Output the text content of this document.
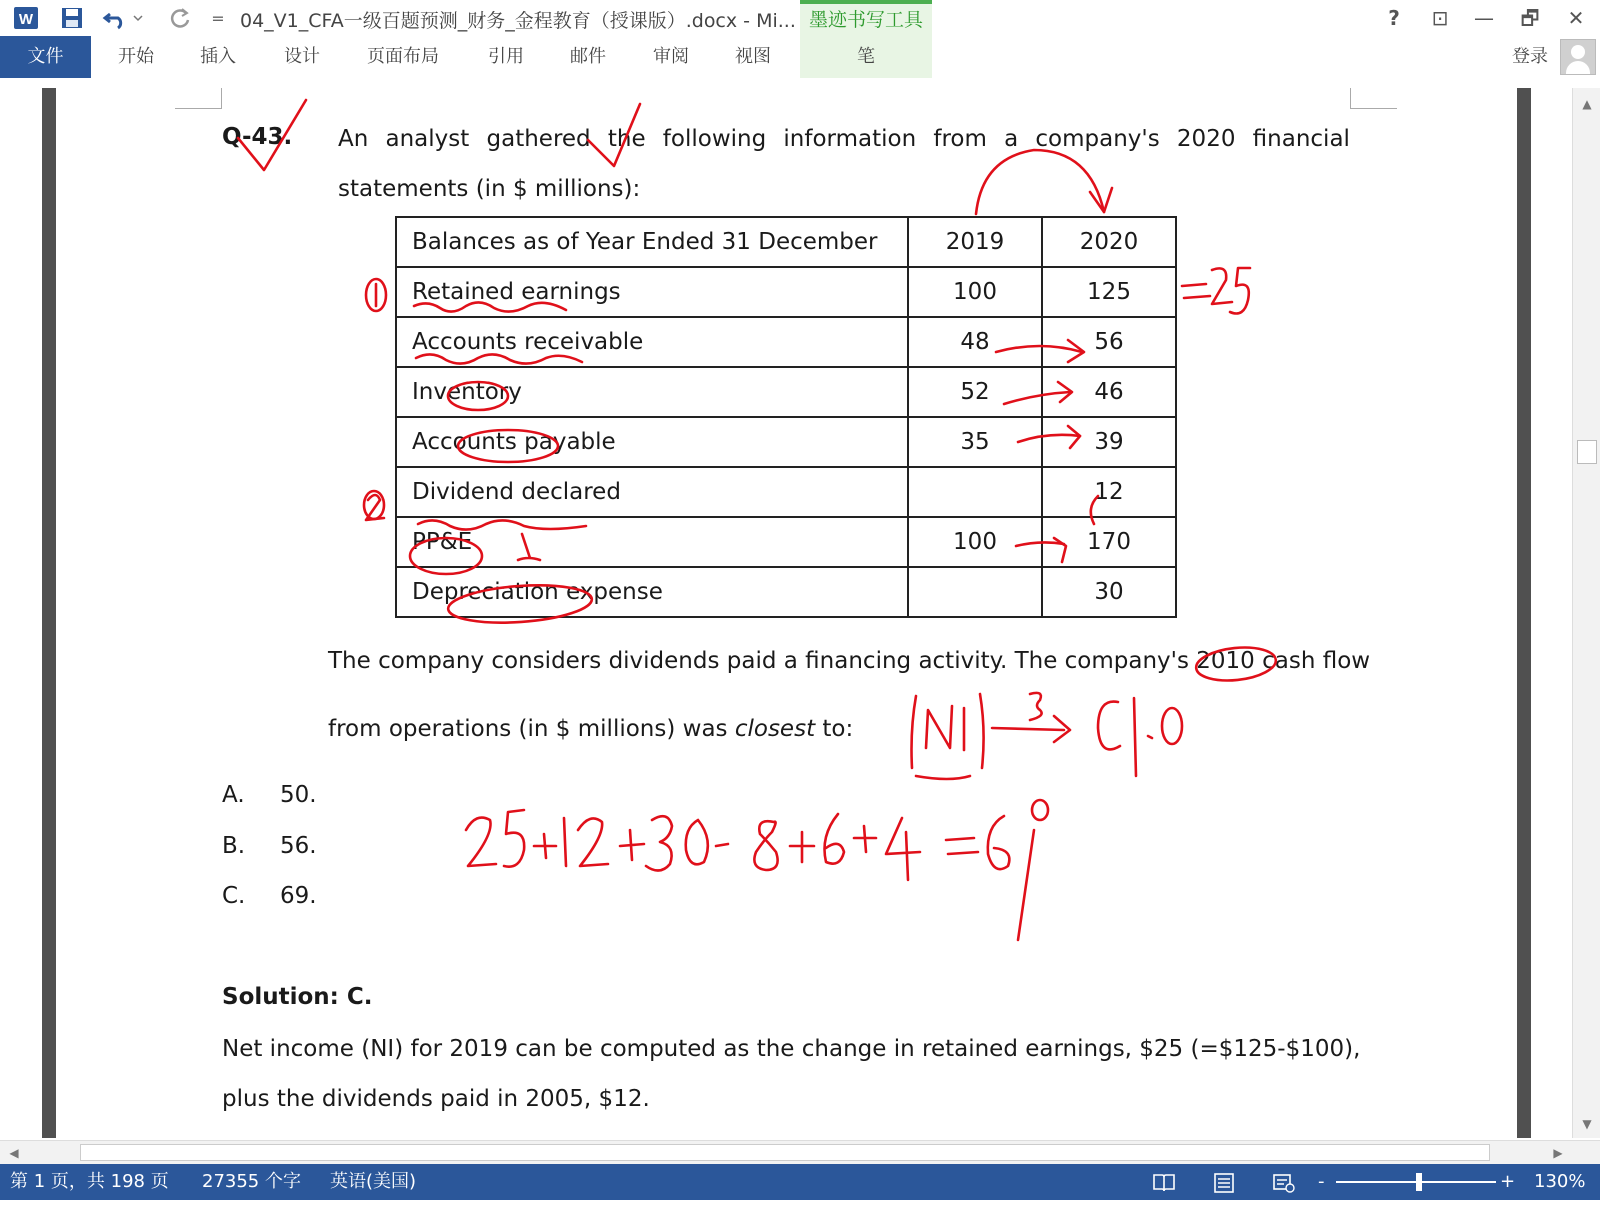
W	= 04_V1_CFA一级百题预测_财务_金程教育（授课版）.docx - Mi... 墨迹书写工具	?	⊡	—	🗗	✕
文件	开始	插入	设计	页面布局	引用	邮件	审阅	视图	笔	登录
Q-43. An analyst gathered the following information from a company's 2020 financial
statements (in $ millions):
Balances as of Year Ended 31 December	2019	2020
Retained earnings	100	125
Accounts receivable	48	56
Inventory	52	46
Accounts payable	35	39
Dividend declared		12
PP&E	100	170
Depreciation expense		30
The company considers dividends paid a financing activity. The company's 2010 cash flow
from operations (in $ millions) was closest to:
A. 50.
B. 56.
C. 69.
Solution: C.
Net income (NI) for 2019 can be computed as the change in retained earnings, $25 (=$125-$100),
plus the dividends paid in 2005, $12.
▲
▼
◀	▶
第 1 页，共 198 页 27355 个字 英语(美国)	-	+ 130%
